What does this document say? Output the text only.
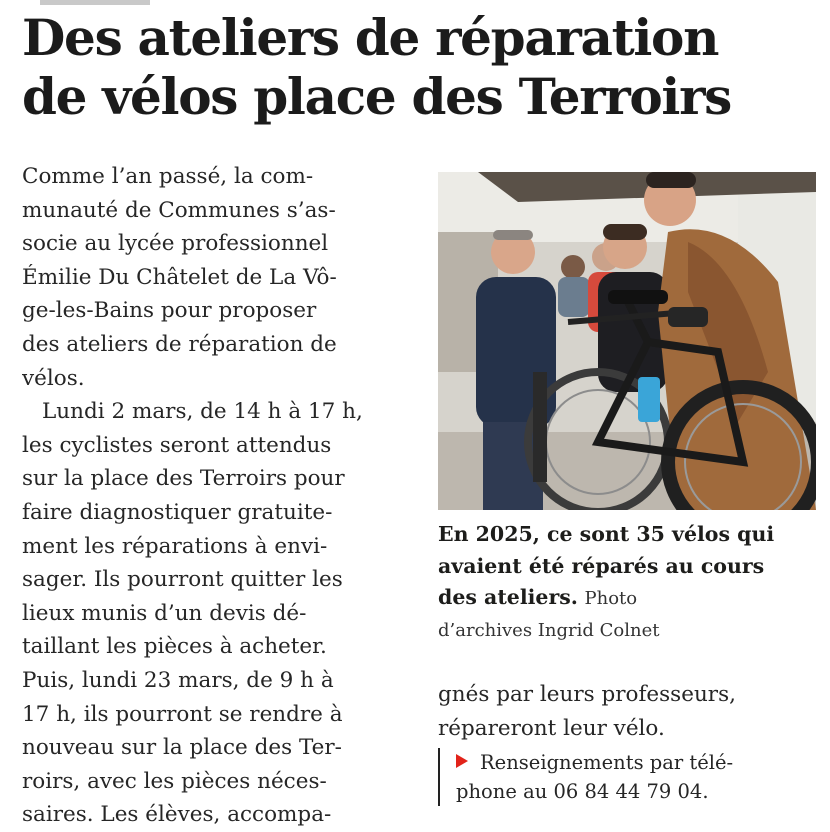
Des ateliers de réparation
de vélos place des Terroirs
Comme l’an passé, la com-
munauté de Communes s’as-
socie au lycée professionnel
Émilie Du Châtelet de La Vô-
ge-les-Bains pour proposer
des ateliers de réparation de
vélos.
Lundi 2 mars, de 14 h à 17 h,
les cyclistes seront attendus
sur la place des Terroirs pour
faire diagnostiquer gratuite-
ment les réparations à envi-
sager. Ils pourront quitter les
lieux munis d’un devis dé-
taillant les pièces à acheter.
Puis, lundi 23 mars, de 9 h à
17 h, ils pourront se rendre à
nouveau sur la place des Ter-
roirs, avec les pièces néces-
saires. Les élèves, accompa-
En 2025, ce sont 35 vélos qui
avaient été réparés au cours
des ateliers. Photo
d’archives Ingrid Colnet
gnés par leurs professeurs,
répareront leur vélo.
Renseignements par télé-
phone au 06 84 44 79 04.
